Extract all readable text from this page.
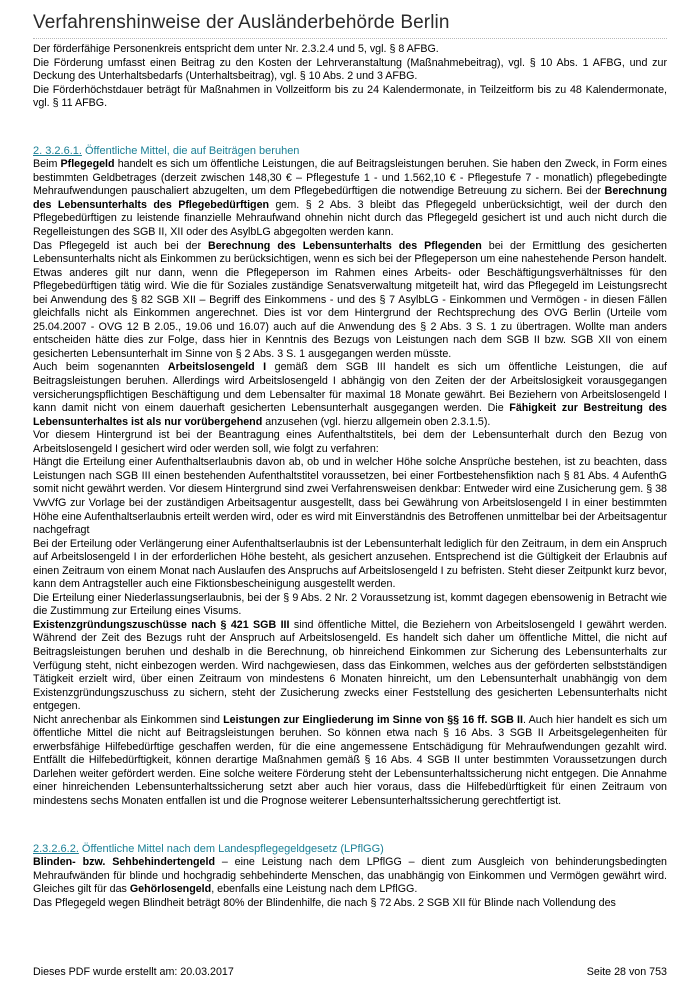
Verfahrenshinweise der Ausländerbehörde Berlin

Der förderfähige Personenkreis entspricht dem unter Nr. 2.3.2.4 und 5, vgl. § 8 AFBG.

Die Förderung umfasst einen Beitrag zu den Kosten der Lehrveranstaltung (Maßnahmebeitrag), vgl. § 10 Abs. 1 AFBG, und zur Deckung des Unterhaltsbedarfs (Unterhaltsbeitrag), vgl. § 10 Abs. 2 und 3 AFBG.

Die Förderhöchstdauer beträgt für Maßnahmen in Vollzeitform bis zu 24 Kalendermonate, in Teilzeitform bis zu 48 Kalendermonate, vgl. § 11 AFBG.

2. 3.2.6.1. Öffentliche Mittel, die auf Beiträgen beruhen

Beim Pflegegeld handelt es sich um öffentliche Leistungen, die auf Beitragsleistungen beruhen. Sie haben den Zweck, in Form eines bestimmten Geldbetrages (derzeit zwischen 148,30 € – Pflegestufe 1 - und 1.562,10 € - Pflegestufe 7 - monatlich) pflegebedingte Mehraufwendungen pauschaliert abzugelten, um dem Pflegebedürftigen die notwendige Betreuung zu sichern. Bei der Berechnung des Lebensunterhalts des Pflegebedürftigen gem. § 2 Abs. 3 bleibt das Pflegegeld unberücksichtigt, weil der durch den Pflegebedürftigen zu leistende finanzielle Mehraufwand ohnehin nicht durch das Pflegegeld gesichert ist und auch nicht durch die Regelleistungen des SGB II, XII oder des AsylbLG abgegolten werden kann.

Das Pflegegeld ist auch bei der Berechnung des Lebensunterhalts des Pflegenden bei der Ermittlung des gesicherten Lebensunterhalts nicht als Einkommen zu berücksichtigen, wenn es sich bei der Pflegeperson um eine nahestehende Person handelt. Etwas anderes gilt nur dann, wenn die Pflegeperson im Rahmen eines Arbeits- oder Beschäftigungsverhältnisses für den Pflegebedürftigen tätig wird. Wie die für Soziales zuständige Senatsverwaltung mitgeteilt hat, wird das Pflegegeld im Leistungsrecht bei Anwendung des § 82 SGB XII – Begriff des Einkommens - und des § 7 AsylbLG - Einkommen und Vermögen - in diesen Fällen gleichfalls nicht als Einkommen angerechnet. Dies ist vor dem Hintergrund der Rechtsprechung des OVG Berlin (Urteile vom 25.04.2007 - OVG 12 B 2.05., 19.06 und 16.07) auch auf die Anwendung des § 2 Abs. 3 S. 1 zu übertragen. Wollte man anders entscheiden hätte dies zur Folge, dass hier in Kenntnis des Bezugs von Leistungen nach dem SGB II bzw. SGB XII von einem gesicherten Lebensunterhalt im Sinne von § 2 Abs. 3 S. 1 ausgegangen werden müsste.

Auch beim sogenannten Arbeitslosengeld I gemäß dem SGB III handelt es sich um öffentliche Leistungen, die auf Beitragsleistungen beruhen. Allerdings wird Arbeitslosengeld I abhängig von den Zeiten der der Arbeitslosigkeit vorausgegangen versicherungspflichtigen Beschäftigung und dem Lebensalter für maximal 18 Monate gewährt. Bei Beziehern von Arbeitslosengeld I kann damit nicht von einem dauerhaft gesicherten Lebensunterhalt ausgegangen werden. Die Fähigkeit zur Bestreitung des Lebensunterhaltes ist als nur vorübergehend anzusehen (vgl. hierzu allgemein oben 2.3.1.5).

Vor diesem Hintergrund ist bei der Beantragung eines Aufenthaltstitels, bei dem der Lebensunterhalt durch den Bezug von Arbeitslosengeld I gesichert wird oder werden soll, wie folgt zu verfahren:

Hängt die Erteilung einer Aufenthaltserlaubnis davon ab, ob und in welcher Höhe solche Ansprüche bestehen, ist zu beachten, dass Leistungen nach SGB III einen bestehenden Aufenthaltstitel voraussetzen, bei einer Fortbestehensfiktion nach § 81 Abs. 4 AufenthG somit nicht gewährt werden. Vor diesem Hintergrund sind zwei Verfahrensweisen denkbar: Entweder wird eine Zusicherung gem. § 38 VwVfG zur Vorlage bei der zuständigen Arbeitsagentur ausgestellt, dass bei Gewährung von Arbeitslosengeld I in einer bestimmten Höhe eine Aufenthaltserlaubnis erteilt werden wird, oder es wird mit Einverständnis des Betroffenen unmittelbar bei der Arbeitsagentur nachgefragt

Bei der Erteilung oder Verlängerung einer Aufenthaltserlaubnis ist der Lebensunterhalt lediglich für den Zeitraum, in dem ein Anspruch auf Arbeitslosengeld I in der erforderlichen Höhe besteht, als gesichert anzusehen. Entsprechend ist die Gültigkeit der Erlaubnis auf einen Zeitraum von einem Monat nach Auslaufen des Anspruchs auf Arbeitslosengeld I zu befristen. Steht dieser Zeitpunkt kurz bevor, kann dem Antragsteller auch eine Fiktionsbescheinigung ausgestellt werden.

Die Erteilung einer Niederlassungserlaubnis, bei der § 9 Abs. 2 Nr. 2 Voraussetzung ist, kommt dagegen ebensowenig in Betracht wie die Zustimmung zur Erteilung eines Visums.

Existenzgründungszuschüsse nach § 421 SGB III sind öffentliche Mittel, die Beziehern von Arbeitslosengeld I gewährt werden. Während der Zeit des Bezugs ruht der Anspruch auf Arbeitslosengeld. Es handelt sich daher um öffentliche Mittel, die nicht auf Beitragsleistungen beruhen und deshalb in die Berechnung, ob hinreichend Einkommen zur Sicherung des Lebensunterhalts zur Verfügung steht, nicht einbezogen werden. Wird nachgewiesen, dass das Einkommen, welches aus der geförderten selbstständigen Tätigkeit erzielt wird, über einen Zeitraum von mindestens 6 Monaten hinreicht, um den Lebensunterhalt unabhängig von dem Existenzgründungszuschuss zu sichern, steht der Zusicherung zwecks einer Feststellung des gesicherten Lebensunterhalts nicht entgegen.

Nicht anrechenbar als Einkommen sind Leistungen zur Eingliederung im Sinne von §§ 16 ff. SGB II. Auch hier handelt es sich um öffentliche Mittel die nicht auf Beitragsleistungen beruhen. So können etwa nach § 16 Abs. 3 SGB II Arbeitsgelegenheiten für erwerbsfähige Hilfebedürftige geschaffen werden, für die eine angemessene Entschädigung für Mehraufwendungen gezahlt wird. Entfällt die Hilfebedürftigkeit, können derartige Maßnahmen gemäß § 16 Abs. 4 SGB II unter bestimmten Voraussetzungen durch Darlehen weiter gefördert werden. Eine solche weitere Förderung steht der Lebensunterhaltssicherung nicht entgegen. Die Annahme einer hinreichenden Lebensunterhaltssicherung setzt aber auch hier voraus, dass die Hilfebedürftigkeit für einen Zeitraum von mindestens sechs Monaten entfallen ist und die Prognose weiterer Lebensunterhaltssicherung gerechtfertigt ist.

2.3.2.6.2. Öffentliche Mittel nach dem Landespflegegeldgesetz (LPflGG)

Blinden- bzw. Sehbehindertengeld – eine Leistung nach dem LPflGG – dient zum Ausgleich von behinderungsbedingten Mehraufwänden für blinde und hochgradig sehbehinderte Menschen, das unabhängig von Einkommen und Vermögen gewährt wird. Gleiches gilt für das Gehörlosengeld, ebenfalls eine Leistung nach dem LPflGG.

Das Pflegegeld wegen Blindheit beträgt 80% der Blindenhilfe, die nach § 72 Abs. 2 SGB XII für Blinde nach Vollendung des

Dieses PDF wurde erstellt am: 20.03.2017	Seite 28 von 753
